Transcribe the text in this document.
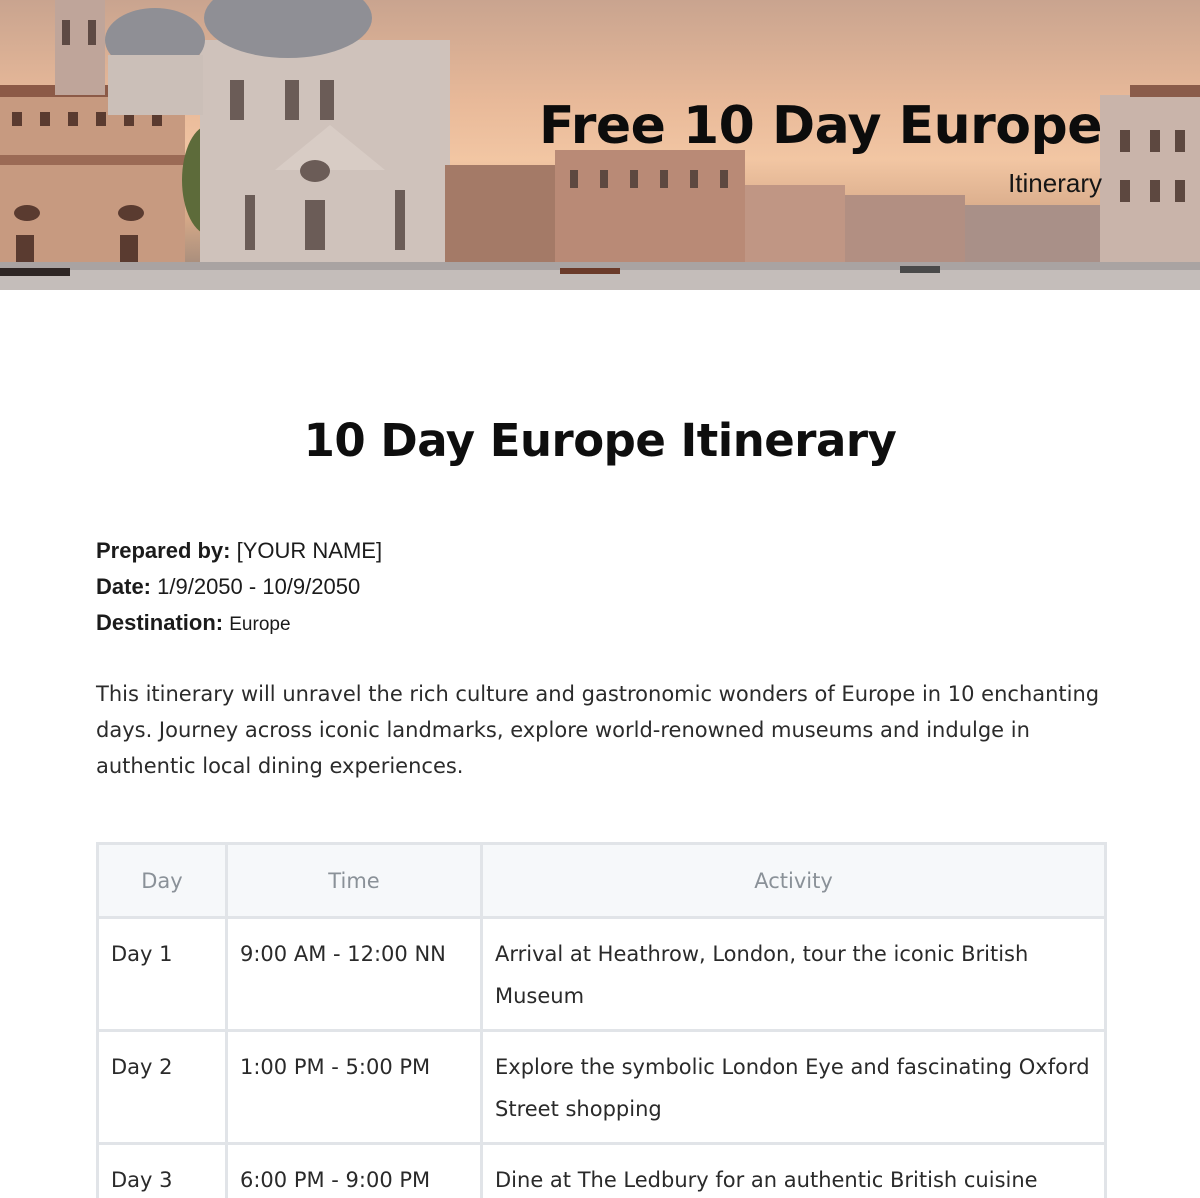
Free 10 Day Europe
Itinerary
10 Day Europe Itinerary
Prepared by: [YOUR NAME]
Date: 1/9/2050 - 10/9/2050
Destination: Europe

This itinerary will unravel the rich culture and gastronomic wonders of Europe in 10 enchanting days. Journey across iconic landmarks, explore world-renowned museums and indulge in authentic local dining experiences.

Day	Time	Activity
Day 1	9:00 AM - 12:00 NN	Arrival at Heathrow, London, tour the iconic British Museum
Day 2	1:00 PM - 5:00 PM	Explore the symbolic London Eye and fascinating Oxford Street shopping
Day 3	6:00 PM - 9:00 PM	Dine at The Ledbury for an authentic British cuisine
